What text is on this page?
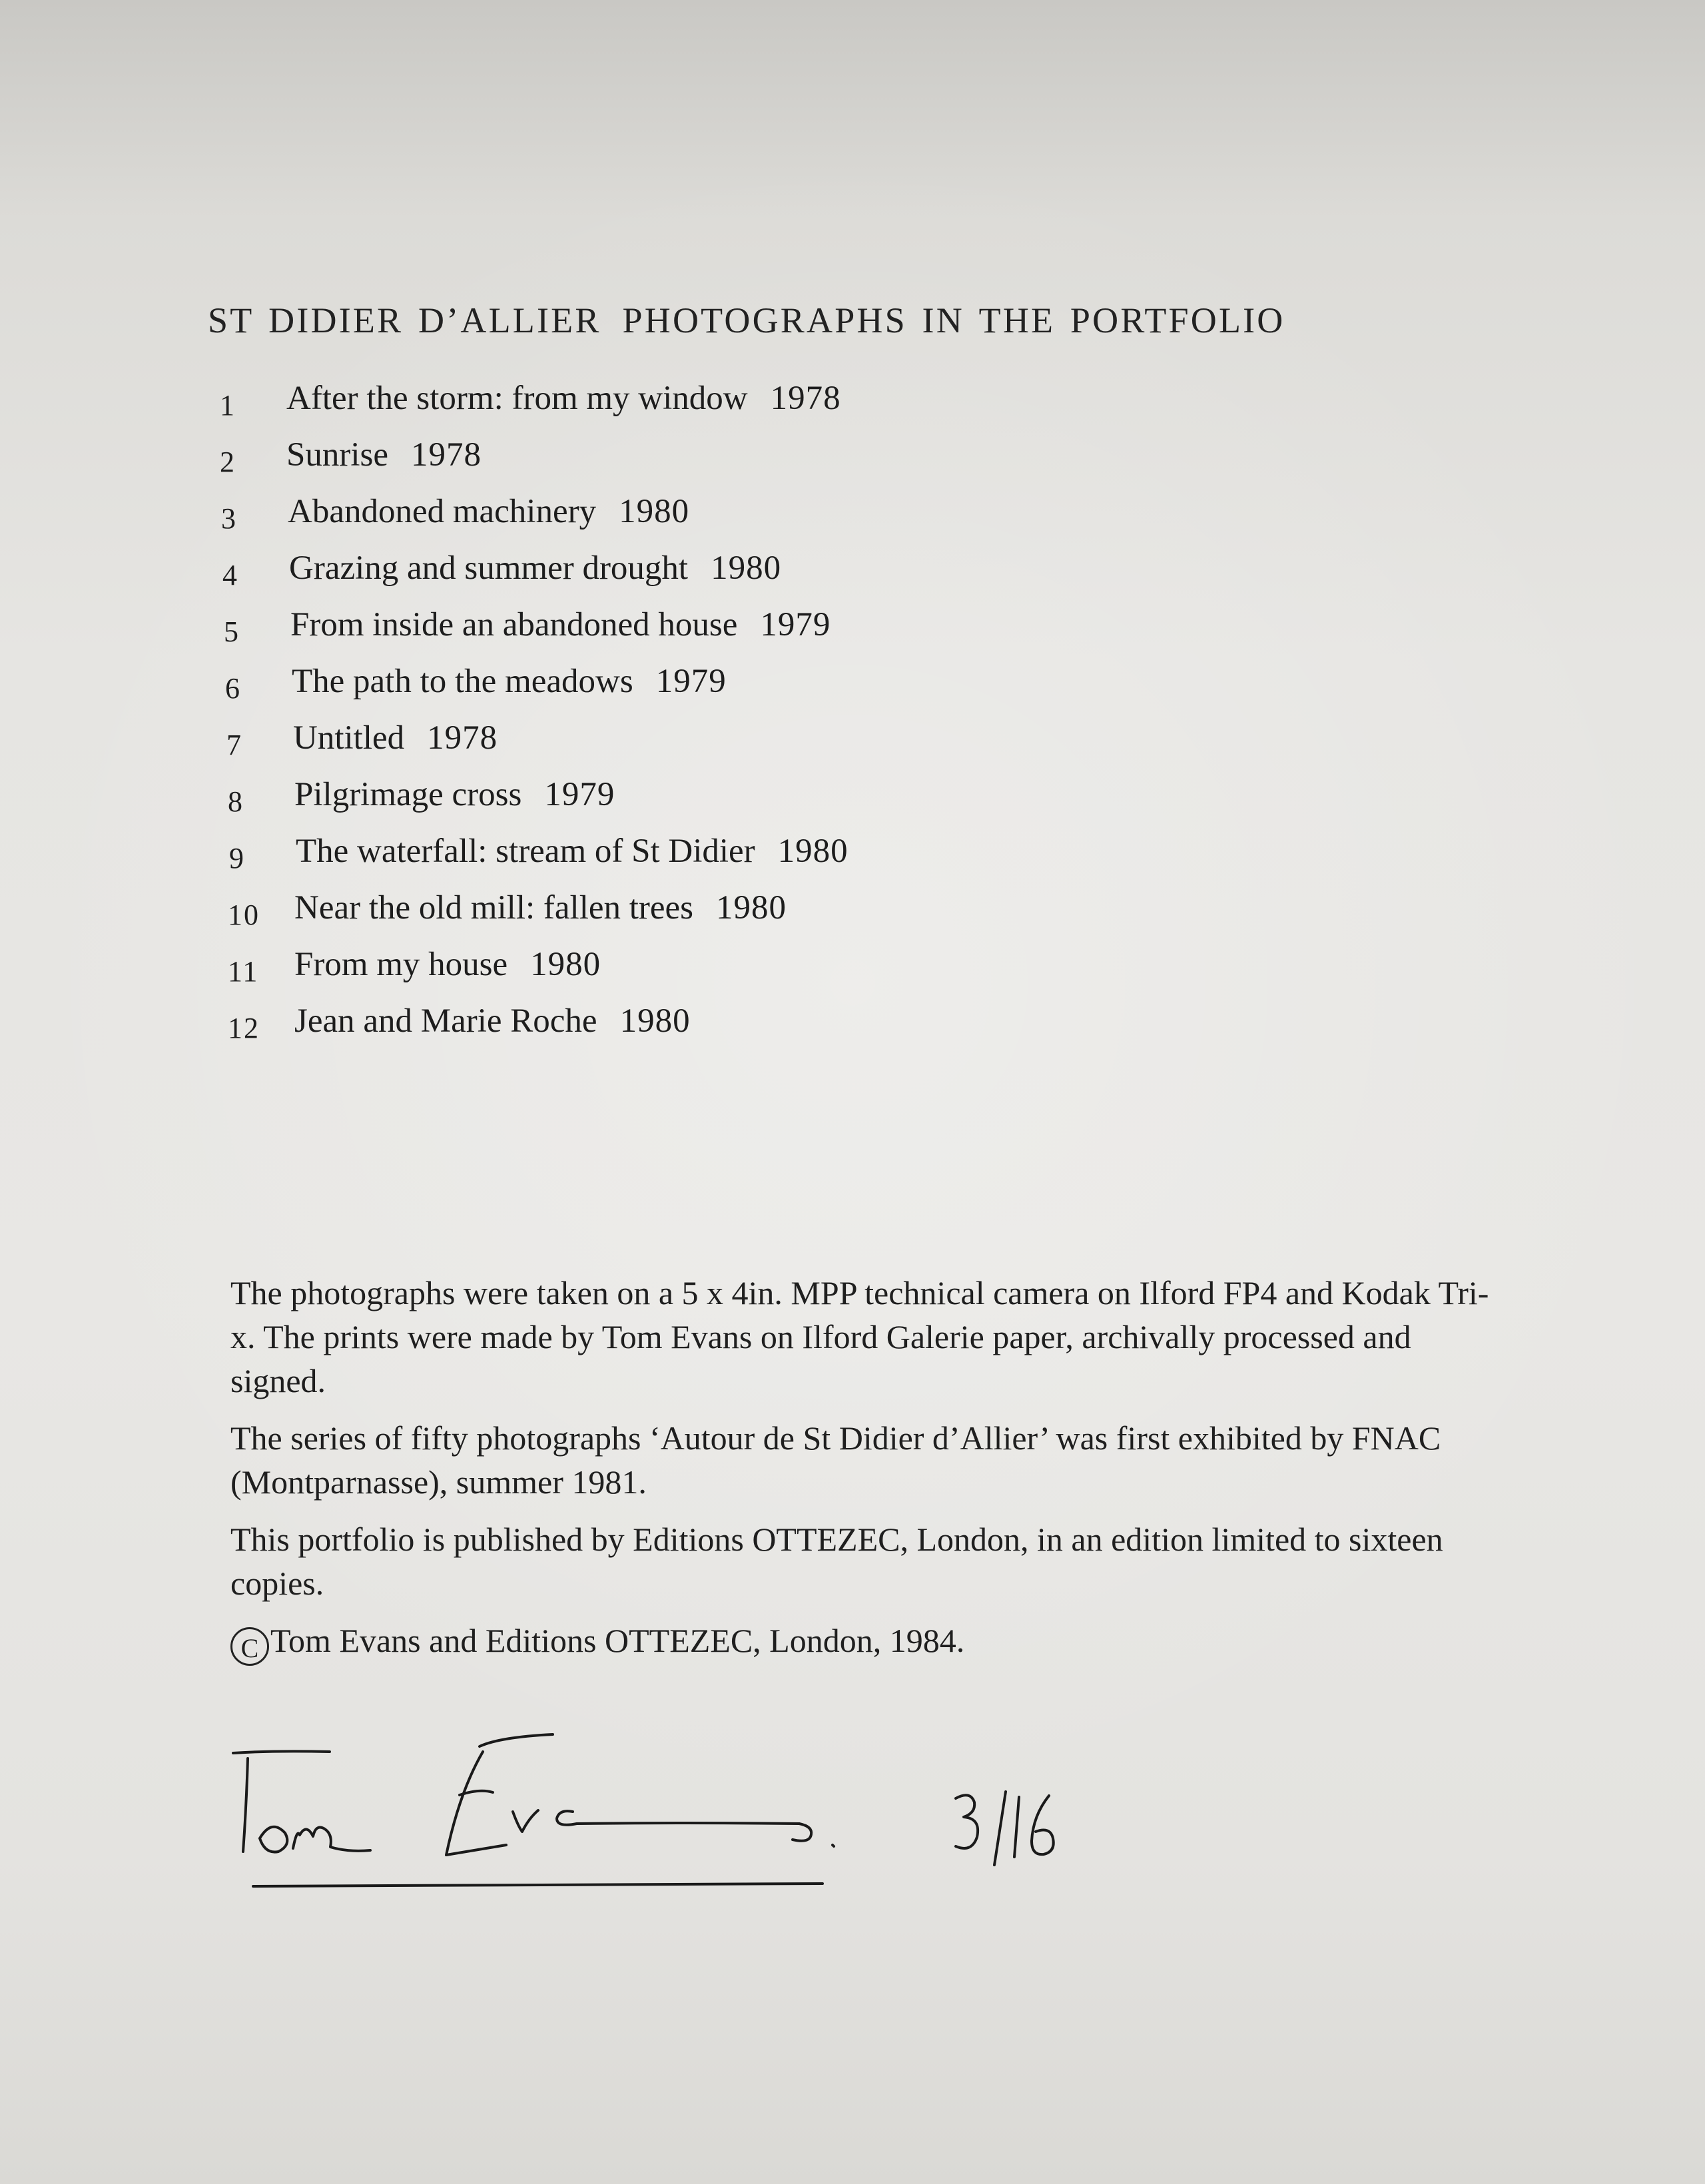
ST DIDIER D’ALLIER PHOTOGRAPHS IN THE PORTFOLIO
1	After the storm: from my window 1978
2	Sunrise 1978
3	Abandoned machinery 1980
4	Grazing and summer drought 1980
5	From inside an abandoned house 1979
6	The path to the meadows 1979
7	Untitled 1978
8	Pilgrimage cross 1979
9	The waterfall: stream of St Didier 1980
10	Near the old mill: fallen trees 1980
11	From my house 1980
12	Jean and Marie Roche 1980

The photographs were taken on a 5 x 4in. MPP technical camera on Ilford FP4 and Kodak Tri-x. The prints were made by Tom Evans on Ilford Galerie paper, archivally processed and signed.

The series of fifty photographs ‘Autour de St Didier d’Allier’ was first exhibited by FNAC (Montparnasse), summer 1981.

This portfolio is published by Editions OTTEZEC, London, in an edition limited to sixteen copies.

C Tom Evans and Editions OTTEZEC, London, 1984.
